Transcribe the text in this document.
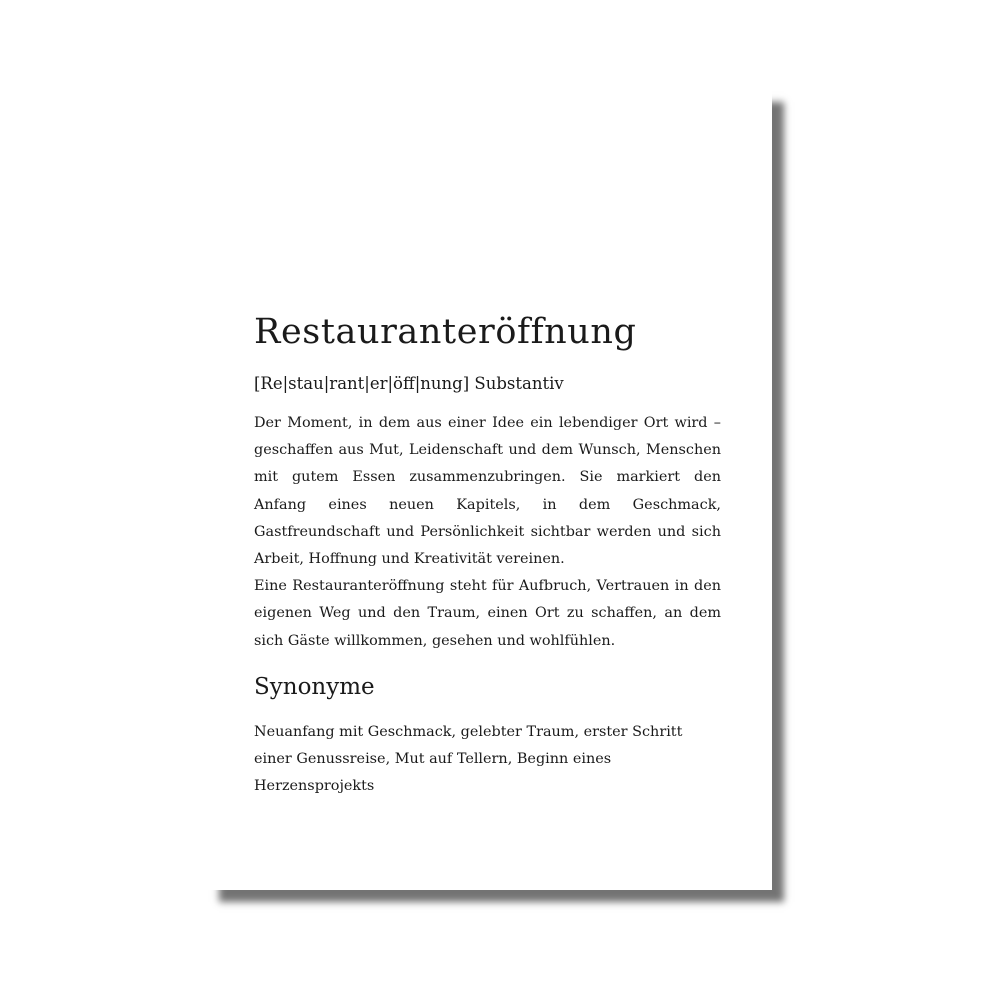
Restauranteröffnung
[Re|stau|rant|er|öff|nung] Substantiv

Der Moment, in dem aus einer Idee ein lebendiger Ort wird – geschaffen aus Mut, Leidenschaft und dem Wunsch, Menschen mit gutem Essen zusammenzubringen. Sie markiert den Anfang eines neuen Kapitels, in dem Geschmack, Gastfreundschaft und Persönlichkeit sichtbar werden und sich Arbeit, Hoffnung und Kreativität vereinen.

Eine Restauranteröffnung steht für Aufbruch, Vertrauen in den eigenen Weg und den Traum, einen Ort zu schaffen, an dem sich Gäste willkommen, gesehen und wohlfühlen.

Synonyme

Neuanfang mit Geschmack, gelebter Traum, erster Schritt einer Genussreise, Mut auf Tellern, Beginn eines Herzensprojekts
